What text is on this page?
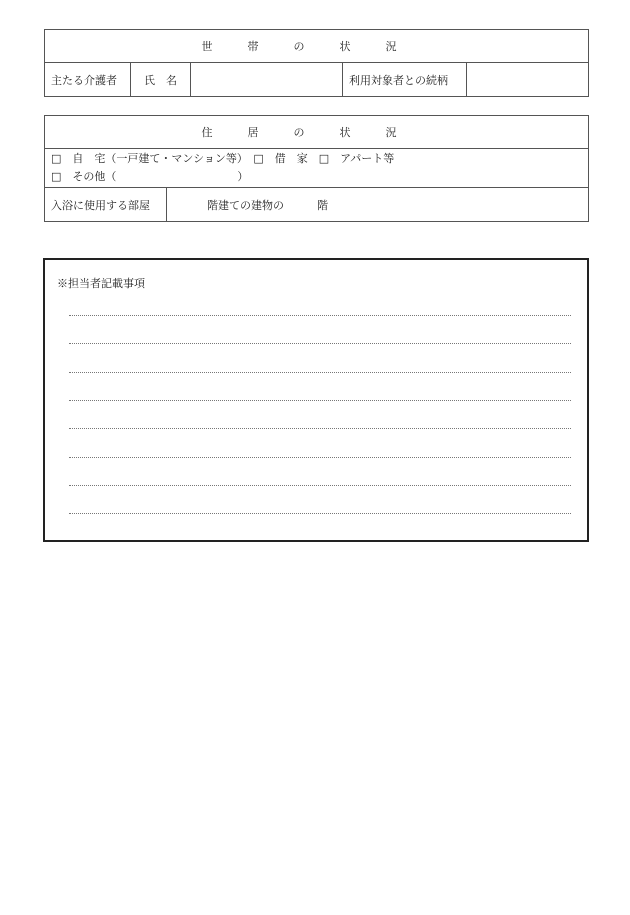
世帯の状況
主たる介護者	氏　名		利用対象者との続柄	
住居の状況

□　自　宅（一戸建て・マンション等）　□　借　家　□　アパート等
□　その他（　　　　　　　　　　　）

入浴に使用する部屋	階建ての建物の　　　階
※担当者記載事項
